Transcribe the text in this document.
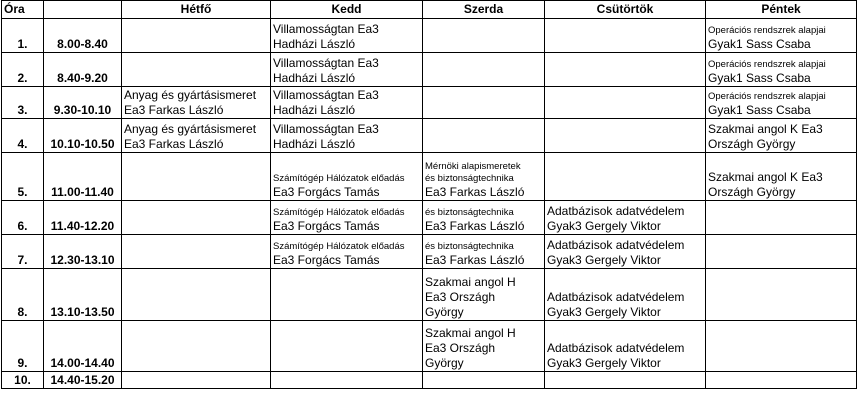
Óra		Hétfő	Kedd	Szerda	Csütörtök	Péntek
1.	8.00-8.40		Villamosságtan Ea3
Hadházi László			Operációs rendszrek alapjai
Gyak1 Sass Csaba

2.	8.40-9.20		Villamosságtan Ea3
Hadházi László			Operációs rendszrek alapjai
Gyak1 Sass Csaba

3.	9.30-10.10	Anyag és gyártásismeret
Ea3 Farkas László	Villamosságtan Ea3
Hadházi László			Operációs rendszrek alapjai
Gyak1 Sass Csaba

4.	10.10-10.50	Anyag és gyártásismeret
Ea3 Farkas László	Villamosságtan Ea3
Hadházi László			Szakmai angol K Ea3
Országh György

5.	11.00-11.40		Számítógép Hálózatok előadás
Ea3 Forgács Tamás	Mérnöki alapismeretek
és biztonságtechnika
Ea3 Farkas László		Szakmai angol K Ea3
Országh György

6.	11.40-12.20		Számítógép Hálózatok előadás
Ea3 Forgács Tamás	és biztonságtechnika
Ea3 Farkas László	Adatbázisok adatvédelem
Gyak3 Gergely Viktor	

7.	12.30-13.10		Számítógép Hálózatok előadás
Ea3 Forgács Tamás	és biztonságtechnika
Ea3 Farkas László	Adatbázisok adatvédelem
Gyak3 Gergely Viktor	

8.	13.10-13.50			Szakmai angol H
Ea3 Országh
György	Adatbázisok adatvédelem
Gyak3 Gergely Viktor	

9.	14.00-14.40			Szakmai angol H
Ea3 Országh
György	Adatbázisok adatvédelem
Gyak3 Gergely Viktor	

10.	14.40-15.20					
